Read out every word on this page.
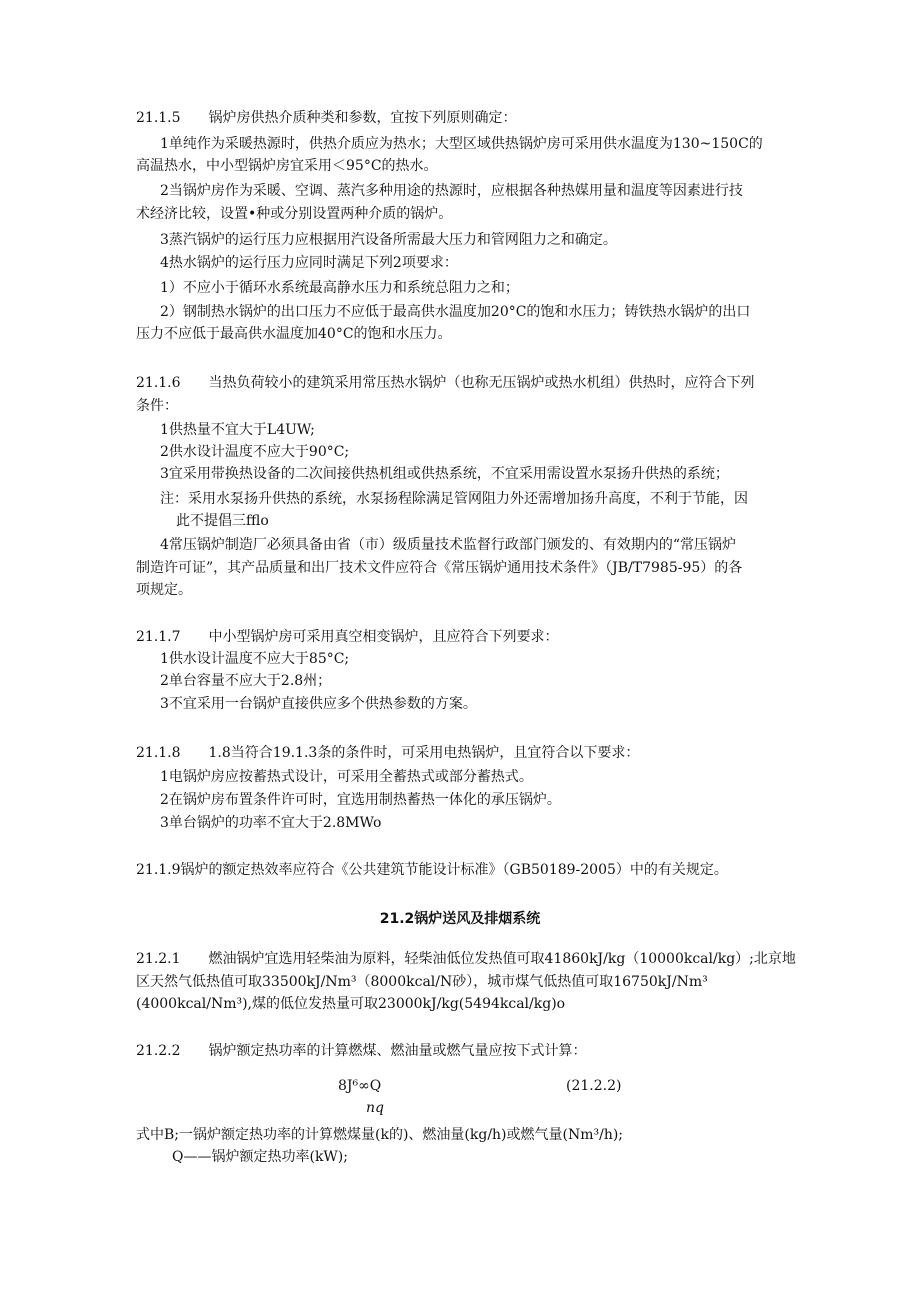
21.1.5　　锅炉房供热介质种类和参数，宜按下列原则确定：
1单纯作为采暖热源时，供热介质应为热水；大型区域供热锅炉房可采用供水温度为130~150C的
高温热水，中小型锅炉房宜采用＜95°C的热水。
2当锅炉房作为采暖、空调、蒸汽多种用途的热源时，应根据各种热媒用量和温度等因素进行技
术经济比较，设置•种或分别设置两种介质的锅炉。
3蒸汽锅炉的运行压力应根据用汽设备所需最大压力和管网阻力之和确定。
4热水锅炉的运行压力应同时满足下列2项要求：
1）不应小于循环水系统最高静水压力和系统总阻力之和；
2）钢制热水锅炉的出口压力不应低于最高供水温度加20°C的饱和水压力；铸铁热水锅炉的出口
压力不应低于最高供水温度加40°C的饱和水压力。
21.1.6　　当热负荷较小的建筑采用常压热水锅炉（也称无压锅炉或热水机组）供热时，应符合下列
条件：
1供热量不宜大于L4UW;
2供水设计温度不应大于90°C;
3宜采用带换热设备的二次间接供热机组或供热系统，不宜采用需设置水泵扬升供热的系统；
注：采用水泵扬升供热的系统，水泵扬程除满足管网阻力外还需增加扬升高度，不利于节能，因
此不提倡三fflo
4常压锅炉制造厂必须具备由省（市）级质量技术监督行政部门颁发的、有效期内的“常压锅炉
制造许可证”，其产品质量和出厂技术文件应符合《常压锅炉通用技术条件》（JB/T7985-95）的各
项规定。
21.1.7　　中小型锅炉房可采用真空相变锅炉，且应符合下列要求：
1供水设计温度不应大于85°C;
2单台容量不应大于2.8州；
3不宜采用一台锅炉直接供应多个供热参数的方案。
21.1.8　　1.8当符合19.1.3条的条件时，可采用电热锅炉，且宜符合以下要求：
1电锅炉房应按蓄热式设计，可采用全蓄热式或部分蓄热式。
2在锅炉房布置条件许可时，宜选用制热蓄热一体化的承压锅炉。
3单台锅炉的功率不宜大于2.8MWo
21.1.9锅炉的额定热效率应符合《公共建筑节能设计标准》（GB50189-2005）中的有关规定。
21.2锅炉送风及排烟系统
21.2.1　　燃油锅炉宜选用轻柴油为原料，轻柴油低位发热值可取41860kJ/kg（10000kcal/kg）;北京地
区天然气低热值可取33500kJ/Nm³（8000kcal/N砂），城市煤气低热值可取16750kJ/Nm³
(4000kcal/Nm³),煤的低位发热量可取23000kJ/kg(5494kcal/kg)o
21.2.2　　锅炉额定热功率的计算燃煤、燃油量或燃气量应按下式计算：
8J⁶∞Q	(21.2.2)
nq
式中B;一锅炉额定热功率的计算燃煤量(k的)、燃油量(kg/h)或燃气量(Nm³/h);
Q——锅炉额定热功率(kW);
